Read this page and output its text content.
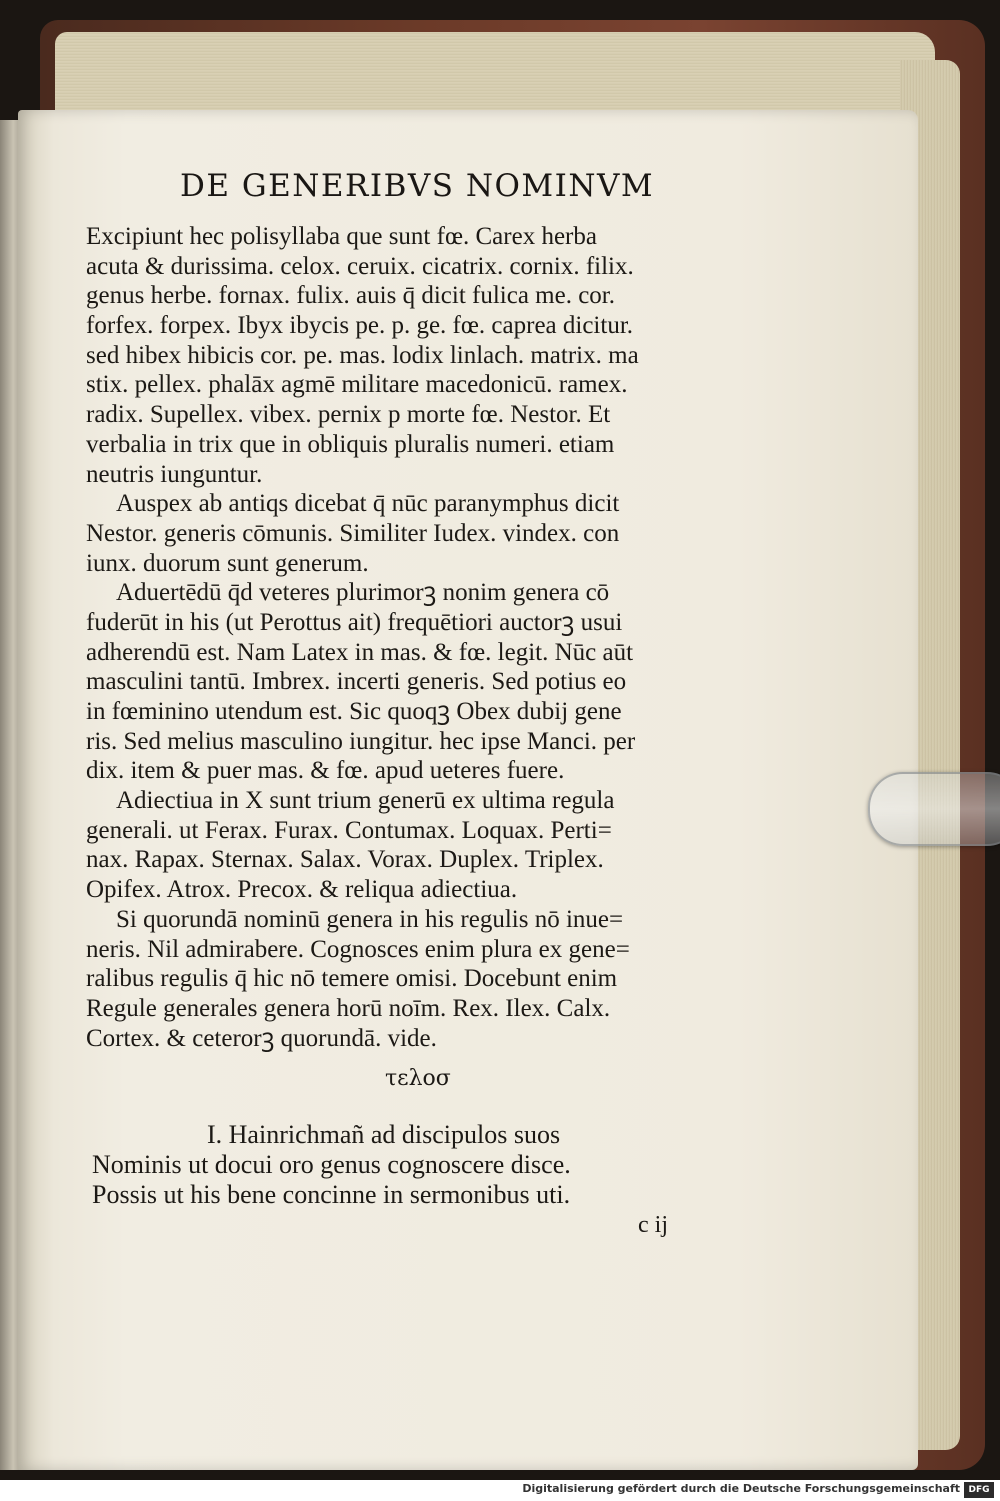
DE GENERIBVS NOMINVM
Excipiunt hec polisyllaba que sunt fœ. Carex herba
acuta & durissima. celox. ceruix. cicatrix. cornix. filix.
genus herbe. fornax. fulix. auis q̄ dicit fulica me. cor.
forfex. forpex. Ibyx ibycis pe. p. ge. fœ. caprea dicitur.
sed hibex hibicis cor. pe. mas. lodix linlach. matrix. ma
stix. pellex. phalāx agmē militare macedonicū. ramex.
radix. Supellex. vibex. pernix p morte fœ. Nestor. Et
verbalia in trix que in obliquis pluralis numeri. etiam
neutris iunguntur.
Auspex ab antiqs dicebat q̄ nūc paranymphus dicit
Nestor. generis cōmunis. Similiter Iudex. vindex. con
iunx. duorum sunt generum.
Aduertēdū q̄d veteres plurimorꝫ nonim genera cō
fuderūt in his (ut Perottus ait) frequētiori auctorꝫ usui
adherendū est. Nam Latex in mas. & fœ. legit. Nūc aūt
masculini tantū. Imbrex. incerti generis. Sed potius eo
in fœminino utendum est. Sic quoqꝫ Obex dubij gene
ris. Sed melius masculino iungitur. hec ipse Manci. per
dix. item & puer mas. & fœ. apud ueteres fuere.
Adiectiua in X sunt trium generū ex ultima regula
generali. ut Ferax. Furax. Contumax. Loquax. Perti=
nax. Rapax. Sternax. Salax. Vorax. Duplex. Triplex.
Opifex. Atrox. Precox. & reliqua adiectiua.
Si quorundā nominū genera in his regulis nō inue=
neris. Nil admirabere. Cognosces enim plura ex gene=
ralibus regulis q̄ hic nō temere omisi. Docebunt enim
Regule generales genera horū noīm. Rex. Ilex. Calx.
Cortex. & ceterorꝫ quorundā. vide.
τελοσ
I. Hainrichmañ ad discipulos suos
Nominis ut docui oro genus cognoscere disce.
Possis ut his bene concinne in sermonibus uti.
c ij
Digitalisierung gefördert durch die Deutsche Forschungsgemeinschaft DFG
